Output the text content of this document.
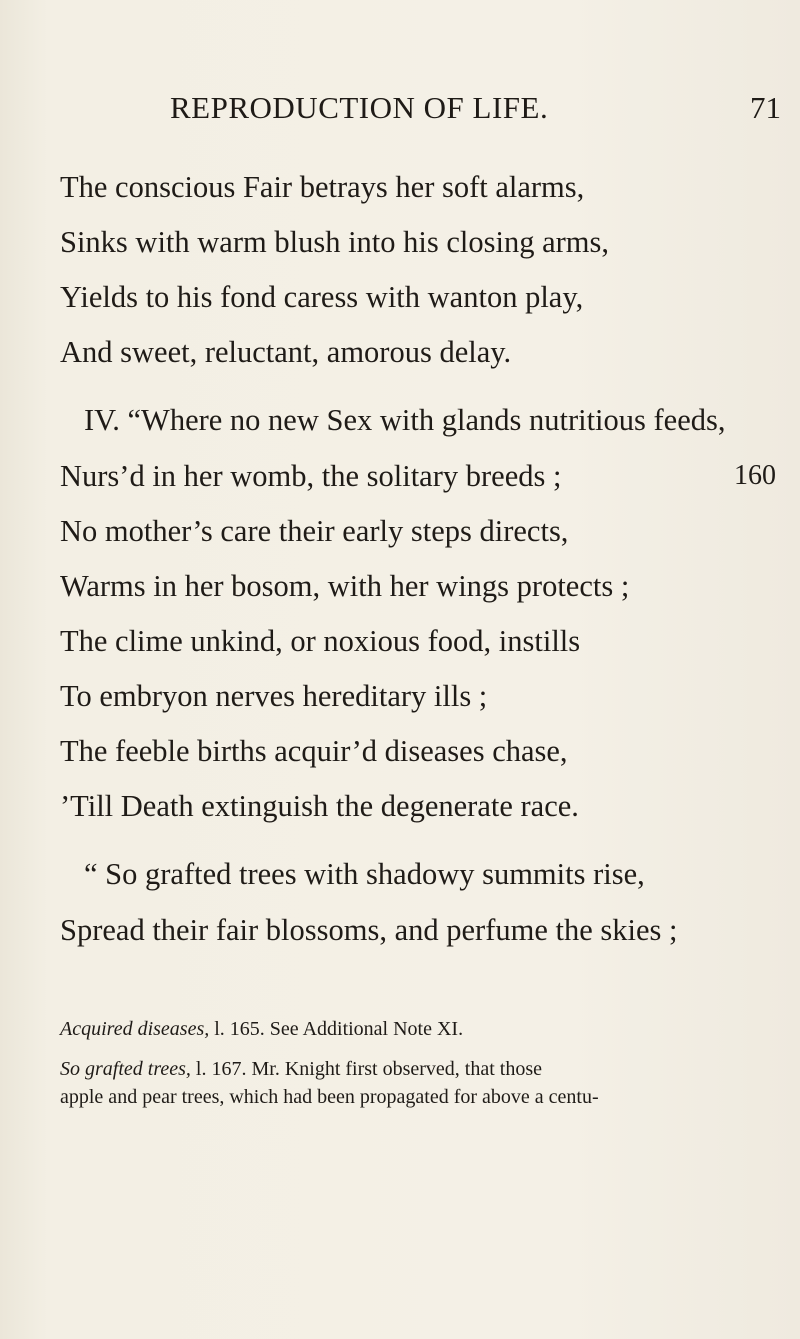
REPRODUCTION OF LIFE.	71
The conscious Fair betrays her soft alarms,
Sinks with warm blush into his closing arms,
Yields to his fond caress with wanton play,
And sweet, reluctant, amorous delay.
IV. “Where no new Sex with glands nutritious feeds,
Nurs’d in her womb, the solitary breeds ;	160
No mother’s care their early steps directs,
Warms in her bosom, with her wings protects ;
The clime unkind, or noxious food, instills
To embryon nerves hereditary ills ;
The feeble births acquir’d diseases chase,
’Till Death extinguish the degenerate race.
“ So grafted trees with shadowy summits rise,
Spread their fair blossoms, and perfume the skies ;
Acquired diseases, l. 165. See Additional Note XI.
So grafted trees, l. 167. Mr. Knight first observed, that those
apple and pear trees, which had been propagated for above a centu-
